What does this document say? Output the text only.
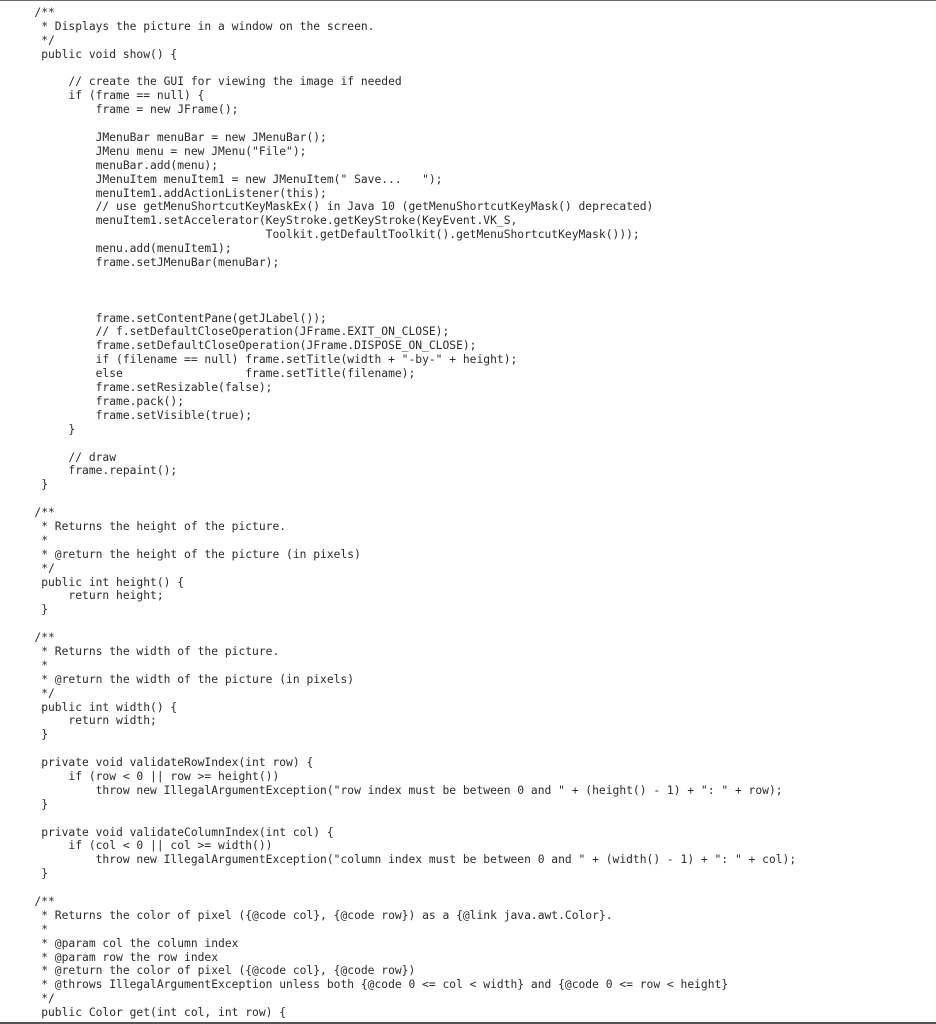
/**
* Displays the picture in a window on the screen.
*/
public void show() {

// create the GUI for viewing the image if needed
if (frame == null) {
frame = new JFrame();

JMenuBar menuBar = new JMenuBar();
JMenu menu = new JMenu("File");
menuBar.add(menu);
JMenuItem menuItem1 = new JMenuItem(" Save...   ");
menuItem1.addActionListener(this);
// use getMenuShortcutKeyMaskEx() in Java 10 (getMenuShortcutKeyMask() deprecated)
menuItem1.setAccelerator(KeyStroke.getKeyStroke(KeyEvent.VK_S,
Toolkit.getDefaultToolkit().getMenuShortcutKeyMask()));
menu.add(menuItem1);
frame.setJMenuBar(menuBar);

frame.setContentPane(getJLabel());
// f.setDefaultCloseOperation(JFrame.EXIT_ON_CLOSE);
frame.setDefaultCloseOperation(JFrame.DISPOSE_ON_CLOSE);
if (filename == null) frame.setTitle(width + "-by-" + height);
else                  frame.setTitle(filename);
frame.setResizable(false);
frame.pack();
frame.setVisible(true);
}

// draw
frame.repaint();
}

/**
* Returns the height of the picture.
*
* @return the height of the picture (in pixels)
*/
public int height() {
return height;
}

/**
* Returns the width of the picture.
*
* @return the width of the picture (in pixels)
*/
public int width() {
return width;
}

private void validateRowIndex(int row) {
if (row < 0 || row >= height())
throw new IllegalArgumentException("row index must be between 0 and " + (height() - 1) + ": " + row);
}

private void validateColumnIndex(int col) {
if (col < 0 || col >= width())
throw new IllegalArgumentException("column index must be between 0 and " + (width() - 1) + ": " + col);
}

/**
* Returns the color of pixel ({@code col}, {@code row}) as a {@link java.awt.Color}.
*
* @param col the column index
* @param row the row index
* @return the color of pixel ({@code col}, {@code row})
* @throws IllegalArgumentException unless both {@code 0 <= col < width} and {@code 0 <= row < height}
*/
public Color get(int col, int row) {
